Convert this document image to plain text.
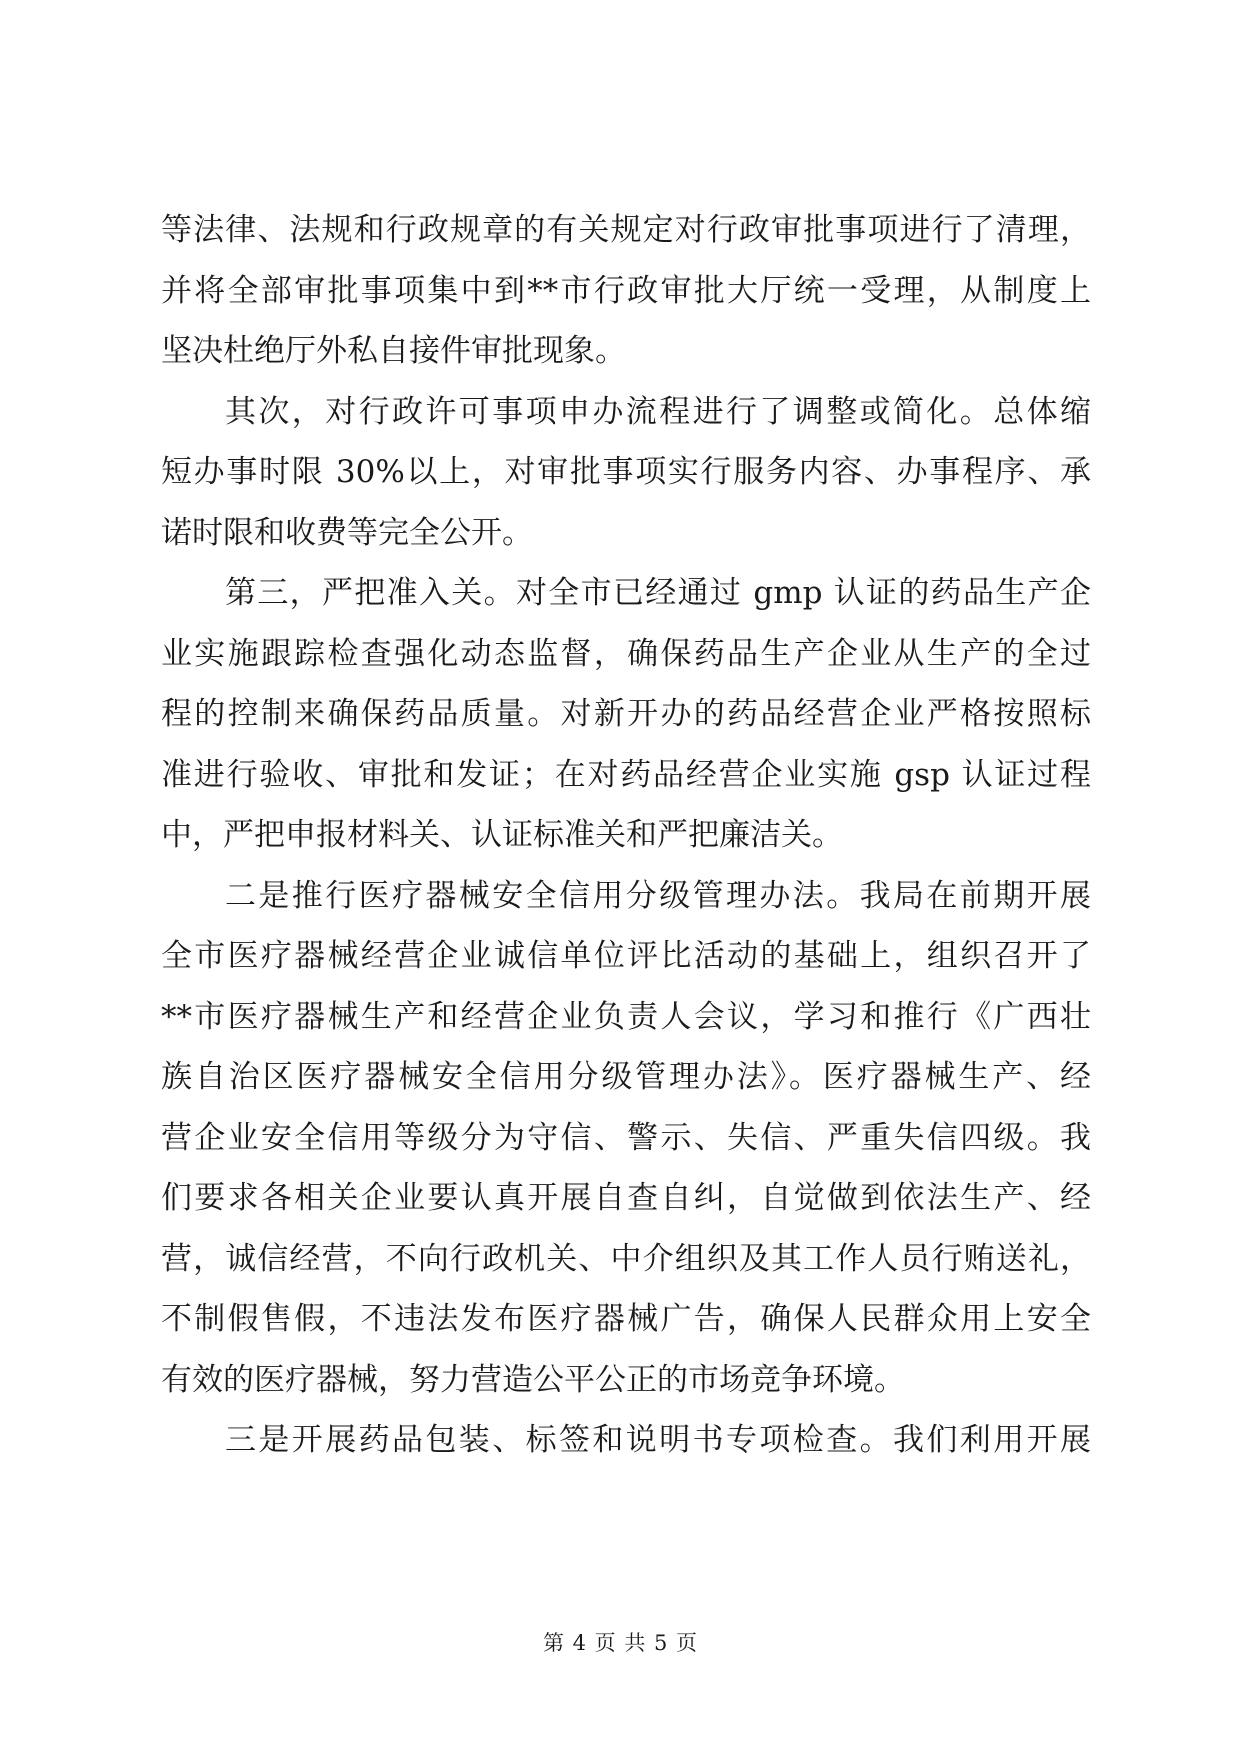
等法律、法规和行政规章的有关规定对行政审批事项进行了清理，
并将全部审批事项集中到**市行政审批大厅统一受理，从制度上
坚决杜绝厅外私自接件审批现象。
其次，对行政许可事项申办流程进行了调整或简化。总体缩
短办事时限 30%以上，对审批事项实行服务内容、办事程序、承
诺时限和收费等完全公开。
第三，严把准入关。对全市已经通过 gmp 认证的药品生产企
业实施跟踪检查强化动态监督，确保药品生产企业从生产的全过
程的控制来确保药品质量。对新开办的药品经营企业严格按照标
准进行验收、审批和发证；在对药品经营企业实施 gsp 认证过程
中，严把申报材料关、认证标准关和严把廉洁关。
二是推行医疗器械安全信用分级管理办法。我局在前期开展
全市医疗器械经营企业诚信单位评比活动的基础上，组织召开了
**市医疗器械生产和经营企业负责人会议，学习和推行《广西壮
族自治区医疗器械安全信用分级管理办法》。医疗器械生产、经
营企业安全信用等级分为守信、警示、失信、严重失信四级。我
们要求各相关企业要认真开展自查自纠，自觉做到依法生产、经
营，诚信经营，不向行政机关、中介组织及其工作人员行贿送礼，
不制假售假，不违法发布医疗器械广告，确保人民群众用上安全
有效的医疗器械，努力营造公平公正的市场竞争环境。
三是开展药品包装、标签和说明书专项检查。我们利用开展
第 4 页 共 5 页
